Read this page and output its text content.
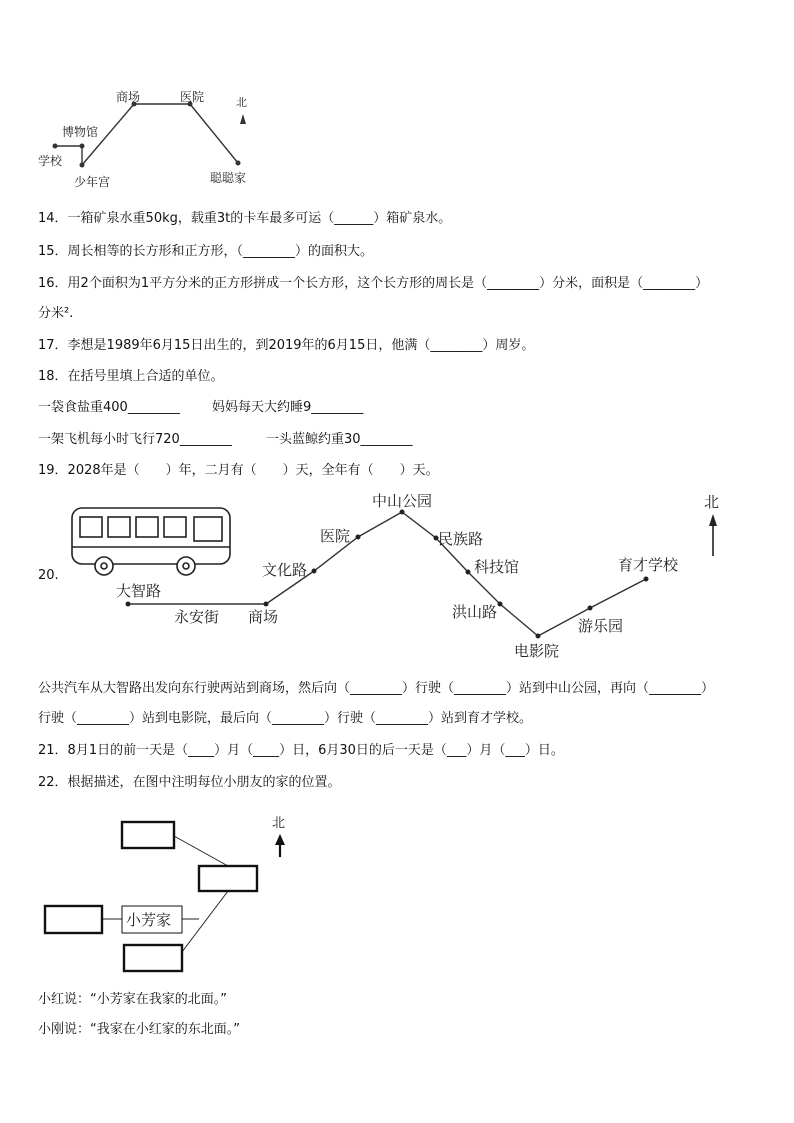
商场	医院
博物馆
学校
少年宫	聪聪家
北
14．一箱矿泉水重50kg，载重3t的卡车最多可运（______）箱矿泉水。
15．周长相等的长方形和正方形，（________）的面积大。
16．用2个面积为1平方分米的正方形拼成一个长方形，这个长方形的周长是（________）分米，面积是（________）
分米².
17．李想是1989年6月15日出生的，到2019年的6月15日，他满（________）周岁。
18．在括号里填上合适的单位。
一袋食盐重400________ 妈妈每天大约睡9________
一架飞机每小时飞行720________	一头蓝鲸约重30________
19．2028年是（　　）年，二月有（　　）天，全年有（　　）天。
20.
大智路
永安街 商场
文化路
医院
中山公园
民族路
科技馆
洪山路
电影院
游乐园
育才学校
北
公共汽车从大智路出发向东行驶两站到商场，然后向（________）行驶（________）站到中山公园，再向（________）
行驶（________）站到电影院，最后向（________）行驶（________）站到育才学校。
21．8月1日的前一天是（____）月（____）日，6月30日的后一天是（___）月（___）日。
22．根据描述，在图中注明每位小朋友的家的位置。
小芳家
北
小红说：“小芳家在我家的北面。”
小刚说：“我家在小红家的东北面。”
